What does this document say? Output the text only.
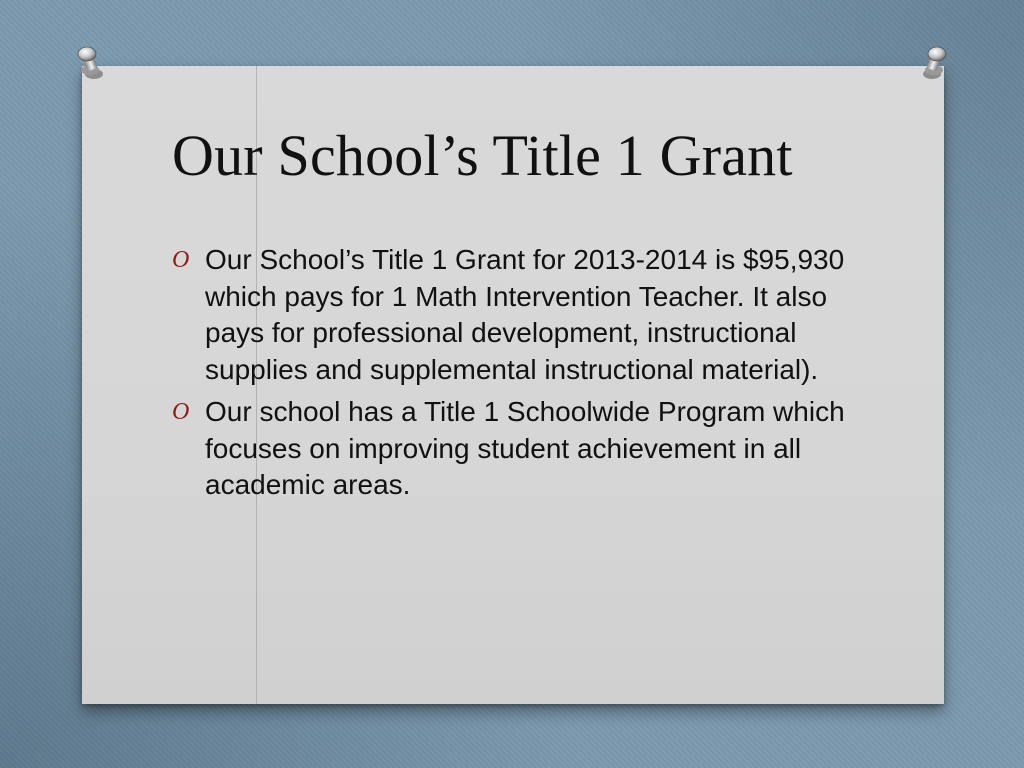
Our School’s Title 1 Grant
O Our School’s Title 1 Grant for 2013-2014 is $95,930 which pays for 1 Math Intervention Teacher. It also pays for professional development, instructional supplies and supplemental instructional material).
O Our school has a Title 1 Schoolwide Program which focuses on improving student achievement in all academic areas.
